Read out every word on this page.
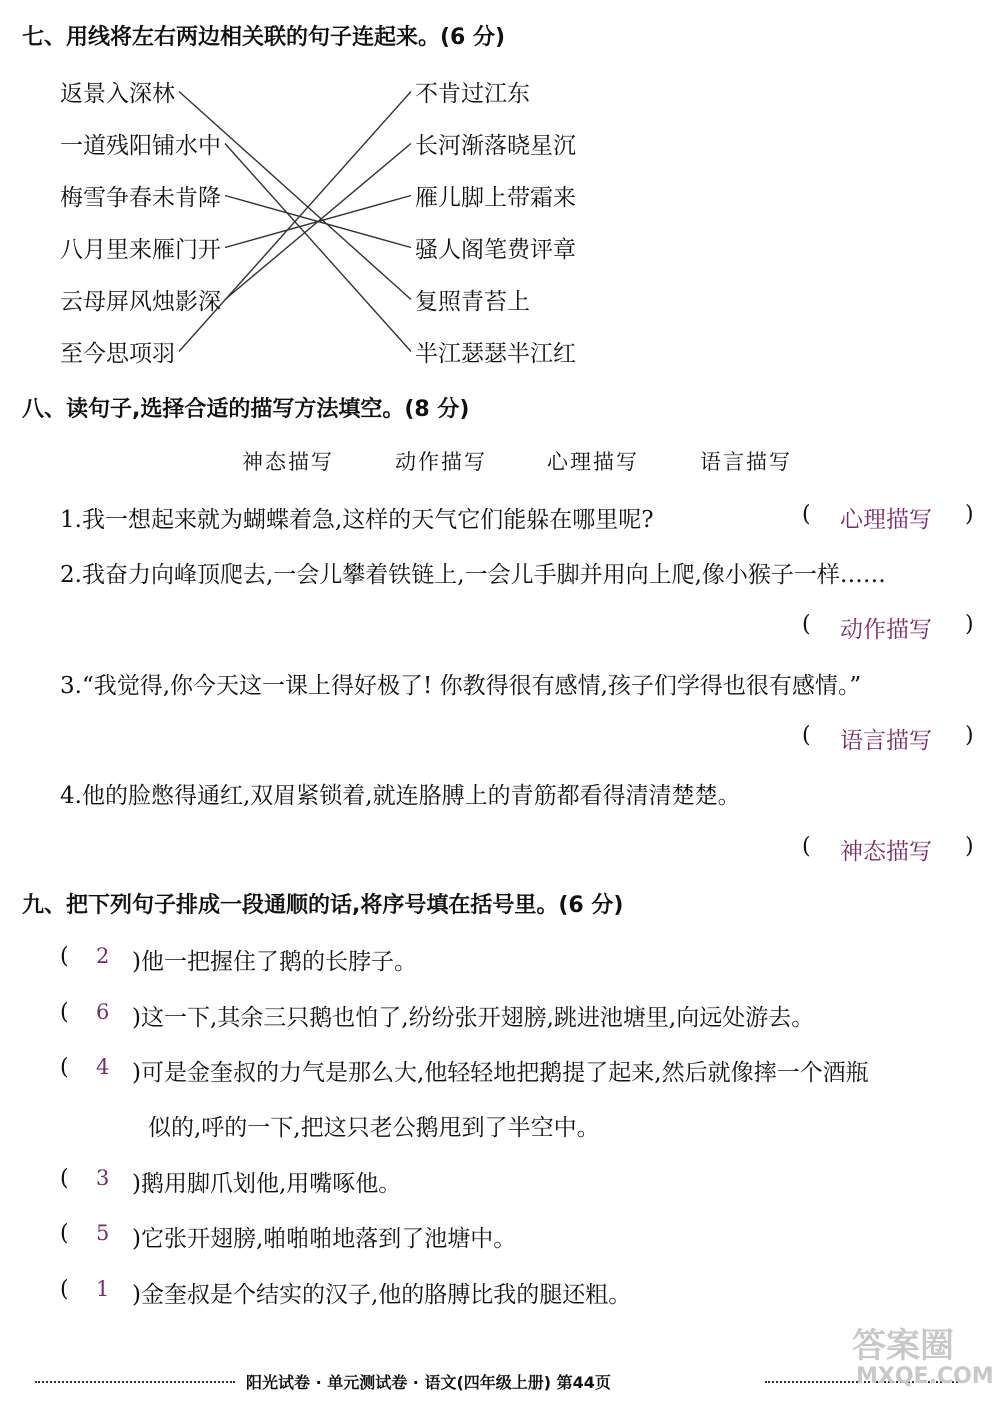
七、用线将左右两边相关联的句子连起来。(6 分)
返景入深林
一道残阳铺水中
梅雪争春未肯降
八月里来雁门开
云母屏风烛影深
至今思项羽
不肯过江东
长河渐落晓星沉
雁儿脚上带霜来
骚人阁笔费评章
复照青苔上
半江瑟瑟半江红
八、读句子,选择合适的描写方法填空。(8 分)
神态描写	动作描写	心理描写	语言描写
1.我一想起来就为蝴蝶着急,这样的天气它们能躲在哪里呢?	( 心理描写 )
2.我奋力向峰顶爬去,一会儿攀着铁链上,一会儿手脚并用向上爬,像小猴子一样……
( 动作描写 )
3.“我觉得,你今天这一课上得好极了! 你教得很有感情,孩子们学得也很有感情。”
( 语言描写 )
4.他的脸憋得通红,双眉紧锁着,就连胳膊上的青筋都看得清清楚楚。
( 神态描写 )
九、把下列句子排成一段通顺的话,将序号填在括号里。(6 分)
( 2 )他一把握住了鹅的长脖子。
( 6 )这一下,其余三只鹅也怕了,纷纷张开翅膀,跳进池塘里,向远处游去。
( 4 )可是金奎叔的力气是那么大,他轻轻地把鹅提了起来,然后就像摔一个酒瓶
似的,呼的一下,把这只老公鹅甩到了半空中。
( 3 )鹅用脚爪划他,用嘴啄他。
( 5 )它张开翅膀,啪啪啪地落到了池塘中。
( 1 )金奎叔是个结实的汉子,他的胳膊比我的腿还粗。
阳光试卷 · 单元测试卷 · 语文(四年级上册) 第44页
答案圈
MXQE.COM
